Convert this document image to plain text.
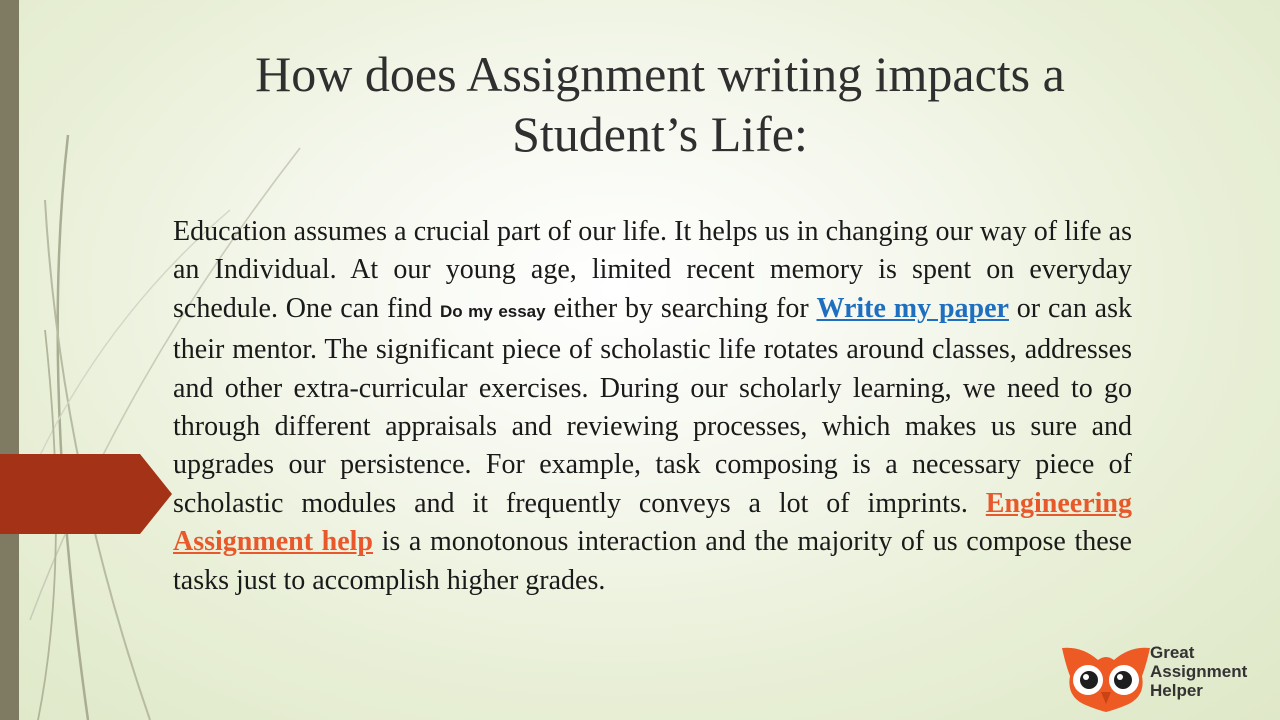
How does Assignment writing impacts a Student’s Life:

Education assumes a crucial part of our life. It helps us in changing our way of life as an Individual. At our young age, limited recent memory is spent on everyday schedule. One can find Do my essay either by searching for Write my paper or can ask their mentor. The significant piece of scholastic life rotates around classes, addresses and other extra-curricular exercises. During our scholarly learning, we need to go through different appraisals and reviewing processes, which makes us sure and upgrades our persistence. For example, task composing is a necessary piece of scholastic modules and it frequently conveys a lot of imprints. Engineering Assignment help is a monotonous interaction and the majority of us compose these tasks just to accomplish higher grades.

Great
Assignment
Helper
